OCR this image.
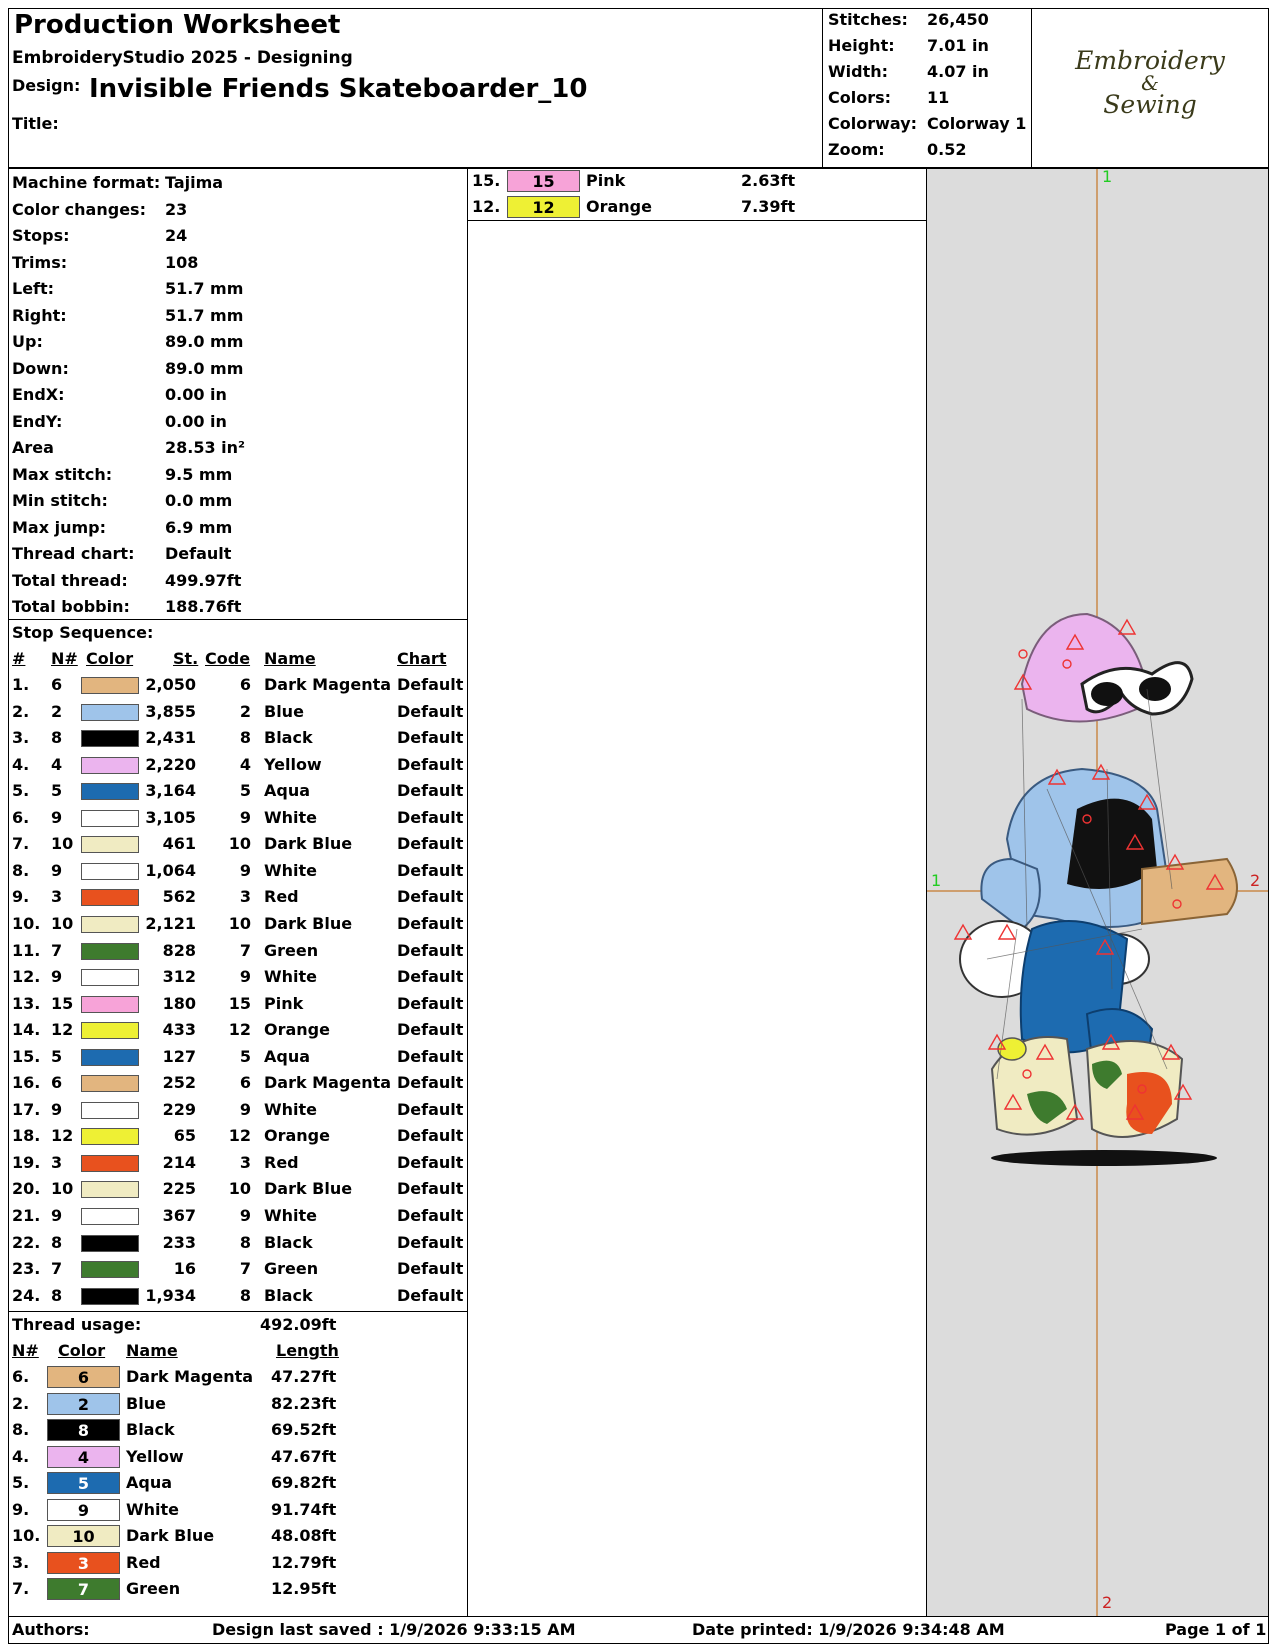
Production Worksheet
EmbroideryStudio 2025 - Designing
Design: Invisible Friends Skateboarder_10
Title:
Stitches: 26,450
Height: 7.01 in
Width: 4.07 in
Colors: 11
Colorway: Colorway 1
Zoom:	0.52
Embroidery
&
Sewing
Machine format: Tajima
Color changes: 23
Stops:	24
Trims:	108
Left:	51.7 mm
Right:	51.7 mm
Up:	89.0 mm
Down:	89.0 mm
EndX:	0.00 in
EndY:	0.00 in
Area	28.53 in²
Max stitch:	9.5 mm
Min stitch:	0.0 mm
Max jump:	6.9 mm
Thread chart: Default
Total thread: 499.97ft
Total bobbin: 188.76ft
Stop Sequence:
# N# Color St. Code Name	Chart
1. 6	2,050	6 Dark Magenta Default
2. 2	3,855	2 Blue	Default
3. 8	2,431	8 Black	Default
4. 4	2,220	4 Yellow	Default
5. 5	3,164	5 Aqua	Default
6. 9	3,105	9 White	Default
7. 10	461 10 Dark Blue	Default
8. 9	1,064	9 White	Default
9. 3	562	3 Red	Default
10. 10	2,121 10 Dark Blue	Default
11. 7	828	7 Green	Default
12. 9	312	9 White	Default
13. 15	180 15 Pink	Default
14. 12	433 12 Orange	Default
15. 5	127	5 Aqua	Default
16. 6	252	6 Dark Magenta Default
17. 9	229	9 White	Default
18. 12	65 12 Orange	Default
19. 3	214	3 Red	Default
20. 10	225 10 Dark Blue	Default
21. 9	367	9 White	Default
22. 8	233	8 Black	Default
23. 7	16	7 Green	Default
24. 8	1,934	8 Black	Default
Thread usage:	492.09ft
N# Color Name	Length
6.	6	Dark Magenta 47.27ft
2.	2	Blue	82.23ft
8.	8	Black	69.52ft
4.	4	Yellow	47.67ft
5.	5	Aqua	69.82ft
9.	9	White	91.74ft
10.	10	Dark Blue	48.08ft
3.	3	Red	12.79ft
7.	7	Green	12.95ft
15.	15	Pink	2.63ft
12.	12	Orange	7.39ft
1
2
1	2
Authors:	Design last saved : 1/9/2026 9:33:15 AM	Date printed: 1/9/2026 9:34:48 AM	Page 1 of 1
